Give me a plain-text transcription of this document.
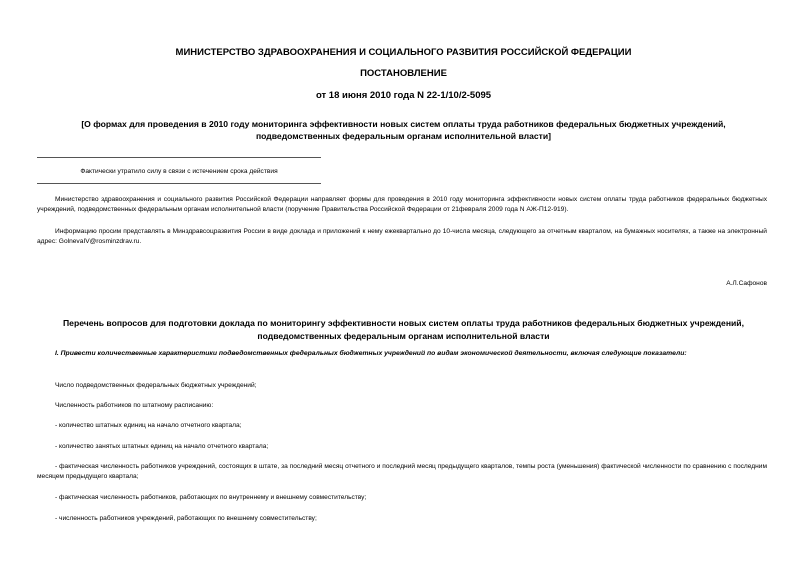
МИНИСТЕРСТВО ЗДРАВООХРАНЕНИЯ И СОЦИАЛЬНОГО РАЗВИТИЯ РОССИЙСКОЙ ФЕДЕРАЦИИ
ПОСТАНОВЛЕНИЕ
от 18 июня 2010 года N 22-1/10/2-5095
[О формах для проведения в 2010 году мониторинга эффективности новых систем оплаты труда работников федеральных бюджетных учреждений,
подведомственных федеральным органам исполнительной власти]
Фактически утратило силу в связи с истечением срока действия
Министерство здравоохранения и социального развития Российской Федерации направляет формы для проведения в 2010 году мониторинга эффективности новых систем оплаты труда работников федеральных бюджетных учреждений, подведомственных федеральным органам исполнительной власти (поручение Правительства Российской Федерации от 21февраля 2009 года N АЖ-П12-919).
Информацию просим представлять в Минздравсоцразвития России в виде доклада и приложений к нему ежеквартально до 10-числа месяца, следующего за отчетным кварталом, на бумажных носителях, а также на электронный адрес: GolnevaIV@rosminzdrav.ru.
А.Л.Сафонов
Перечень вопросов для подготовки доклада по мониторингу эффективности новых систем оплаты труда работников федеральных бюджетных учреждений,
подведомственных федеральным органам исполнительной власти
I. Привести количественные характеристики подведомственных федеральных бюджетных учреждений по видам экономической деятельности, включая следующие показатели:
Число подведомственных федеральных бюджетных учреждений;
Численность работников по штатному расписанию:
- количество штатных единиц на начало отчетного квартала;
- количество занятых штатных единиц на начало отчетного квартала;
- фактическая численность работников учреждений, состоящих в штате, за последний месяц отчетного и последний месяц предыдущего кварталов, темпы роста (уменьшения) фактической численности по сравнению с последним месяцем предыдущего квартала;
- фактическая численность работников, работающих по внутреннему и внешнему совместительству;
- численность работников учреждений, работающих по внешнему совместительству;
